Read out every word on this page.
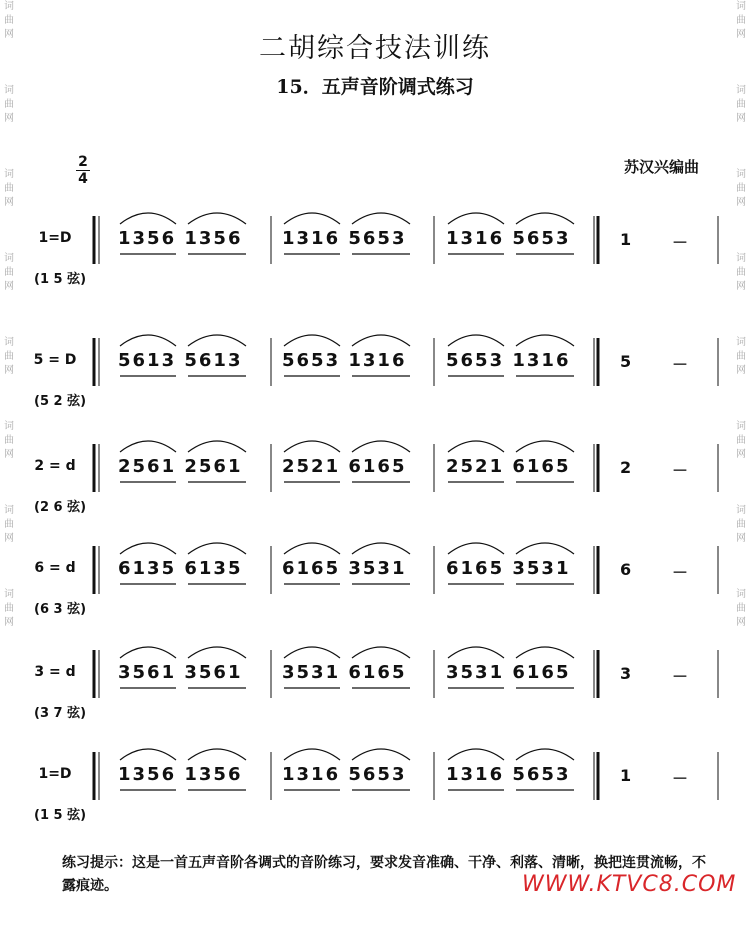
词曲网

词曲网

词曲网

词曲网

词曲网

词曲网

词曲网

词曲网
词曲网

词曲网

词曲网

词曲网

词曲网

词曲网

词曲网

词曲网
二胡综合技法训练
15．五声音阶调式练习
2
4
苏汉兴编曲
1=D
(1 5 弦)
1356 1356 1316 5653 1316 5653	1	－
5 = D
(5 2 弦)
5613 5613 5653 1316 5653 1316	5	－
2 = d
(2 6 弦)
2561 2561 2521 6165 2521 6165	2	－
6 = d
(6 3 弦)
6135 6135 6165 3531 6165 3531	6	－
3 = d
(3 7 弦)
3561 3561 3531 6165 3531 6165	3	－
1=D
(1 5 弦)
1356 1356 1316 5653 1316 5653	1	－
练习提示：这是一首五声音阶各调式的音阶练习，要求发音准确、干净、利落、清晰，换把连贯流畅，不露痕迹。	WWW.KTVC8.COM
